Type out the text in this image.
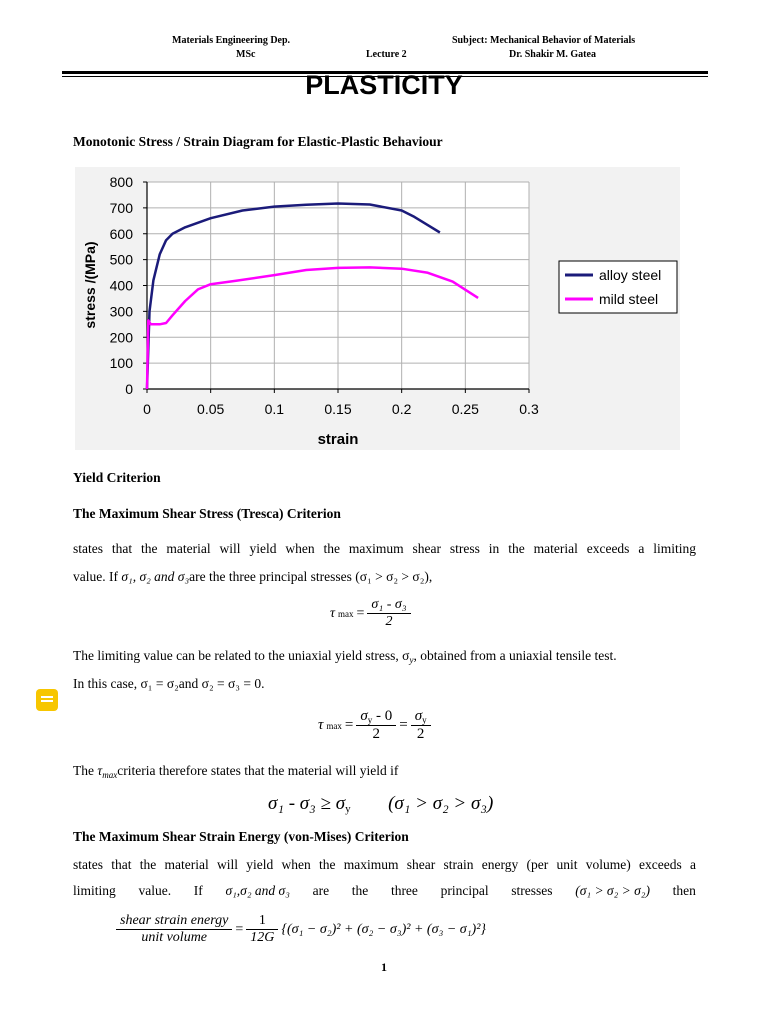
Materials Engineering Dep.	Subject: Mechanical Behavior of Materials
MSc	Lecture 2	Dr. Shakir M. Gatea
PLASTICITY
Monotonic Stress / Strain Diagram for Elastic-Plastic Behaviour
0
100
200
300
400
500
600
700
800
0	0.05	0.1	0.15	0.2	0.25	0.3
alloy steel
mild steel
strain
stress /(MPa)
Yield Criterion
The Maximum Shear Stress (Tresca) Criterion
states that the material will yield when the maximum shear stress in the material exceeds a limiting
value. If σ₁, σ₂ and σ₃are the three principal stresses (σ₁ > σ₂ > σ₂),
τ $\max = \frac{\text{σ₁ - σ₃}}{2}$
The limiting value can be related to the uniaxial yield stress, $\sigma_y$, obtained from a uniaxial tensile test.
In this case, σ₁ = σ₂and σ₂ = σ₃ = 0.
τ $\max = \frac{\sigma_y - 0}{2} = \frac{\sigma_y}{2}$
The $\tau_{max}criteria$ therefore states that the material will yield if
$\sigma_1 - \sigma_3 \ge \sigma_y$ (σ₁ > σ₂ > σ₃)
The Maximum Shear Strain Energy (von-Mises) Criterion
states that the material will yield when the maximum shear strain energy (per unit volume) exceeds a
limiting value. If σ₁,σ₂ and σ₃ are the three principal stresses (σ₁ > σ₂ > σ₂) then
$\frac{\text{shear strain energy}}{\text{unit volume}} = \frac{1}{12G} \{(\sigma_1 - \sigma_2)^2 + (\sigma_2 - \sigma_3)^2 + (\sigma_3 - \sigma_1)^2\}$
1
